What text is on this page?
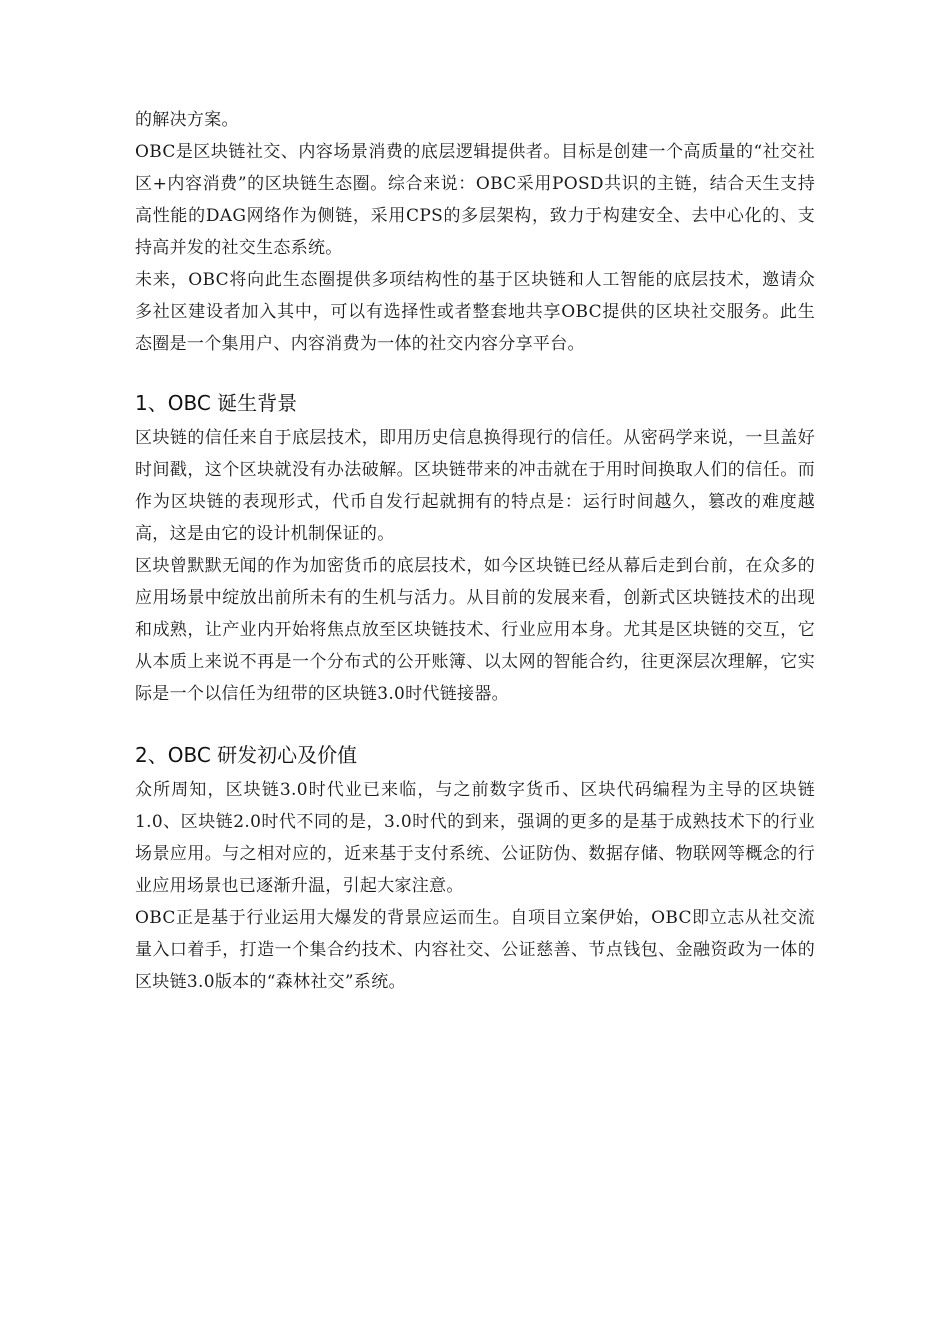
的解决方案。

OBC是区块链社交、内容场景消费的底层逻辑提供者。目标是创建一个高质量的“社交社区+内容消费”的区块链生态圈。综合来说：OBC采用POSD共识的主链，结合天生支持高性能的DAG网络作为侧链，采用CPS的多层架构，致力于构建安全、去中心化的、支持高并发的社交生态系统。

未来，OBC将向此生态圈提供多项结构性的基于区块链和人工智能的底层技术，邀请众多社区建设者加入其中，可以有选择性或者整套地共享OBC提供的区块社交服务。此生态圈是一个集用户、内容消费为一体的社交内容分享平台。

1、OBC 诞生背景

区块链的信任来自于底层技术，即用历史信息换得现行的信任。从密码学来说，一旦盖好时间戳，这个区块就没有办法破解。区块链带来的冲击就在于用时间换取人们的信任。而作为区块链的表现形式，代币自发行起就拥有的特点是：运行时间越久，篡改的难度越高，这是由它的设计机制保证的。

区块曾默默无闻的作为加密货币的底层技术，如今区块链已经从幕后走到台前，在众多的应用场景中绽放出前所未有的生机与活力。从目前的发展来看，创新式区块链技术的出现和成熟，让产业内开始将焦点放至区块链技术、行业应用本身。尤其是区块链的交互，它从本质上来说不再是一个分布式的公开账簿、以太网的智能合约，往更深层次理解，它实际是一个以信任为纽带的区块链3.0时代链接器。

2、OBC 研发初心及价值

众所周知，区块链3.0时代业已来临，与之前数字货币、区块代码编程为主导的区块链1.0、区块链2.0时代不同的是，3.0时代的到来，强调的更多的是基于成熟技术下的行业场景应用。与之相对应的，近来基于支付系统、公证防伪、数据存储、物联网等概念的行业应用场景也已逐渐升温，引起大家注意。

OBC正是基于行业运用大爆发的背景应运而生。自项目立案伊始，OBC即立志从社交流量入口着手，打造一个集合约技术、内容社交、公证慈善、节点钱包、金融资政为一体的区块链3.0版本的“森林社交”系统。
